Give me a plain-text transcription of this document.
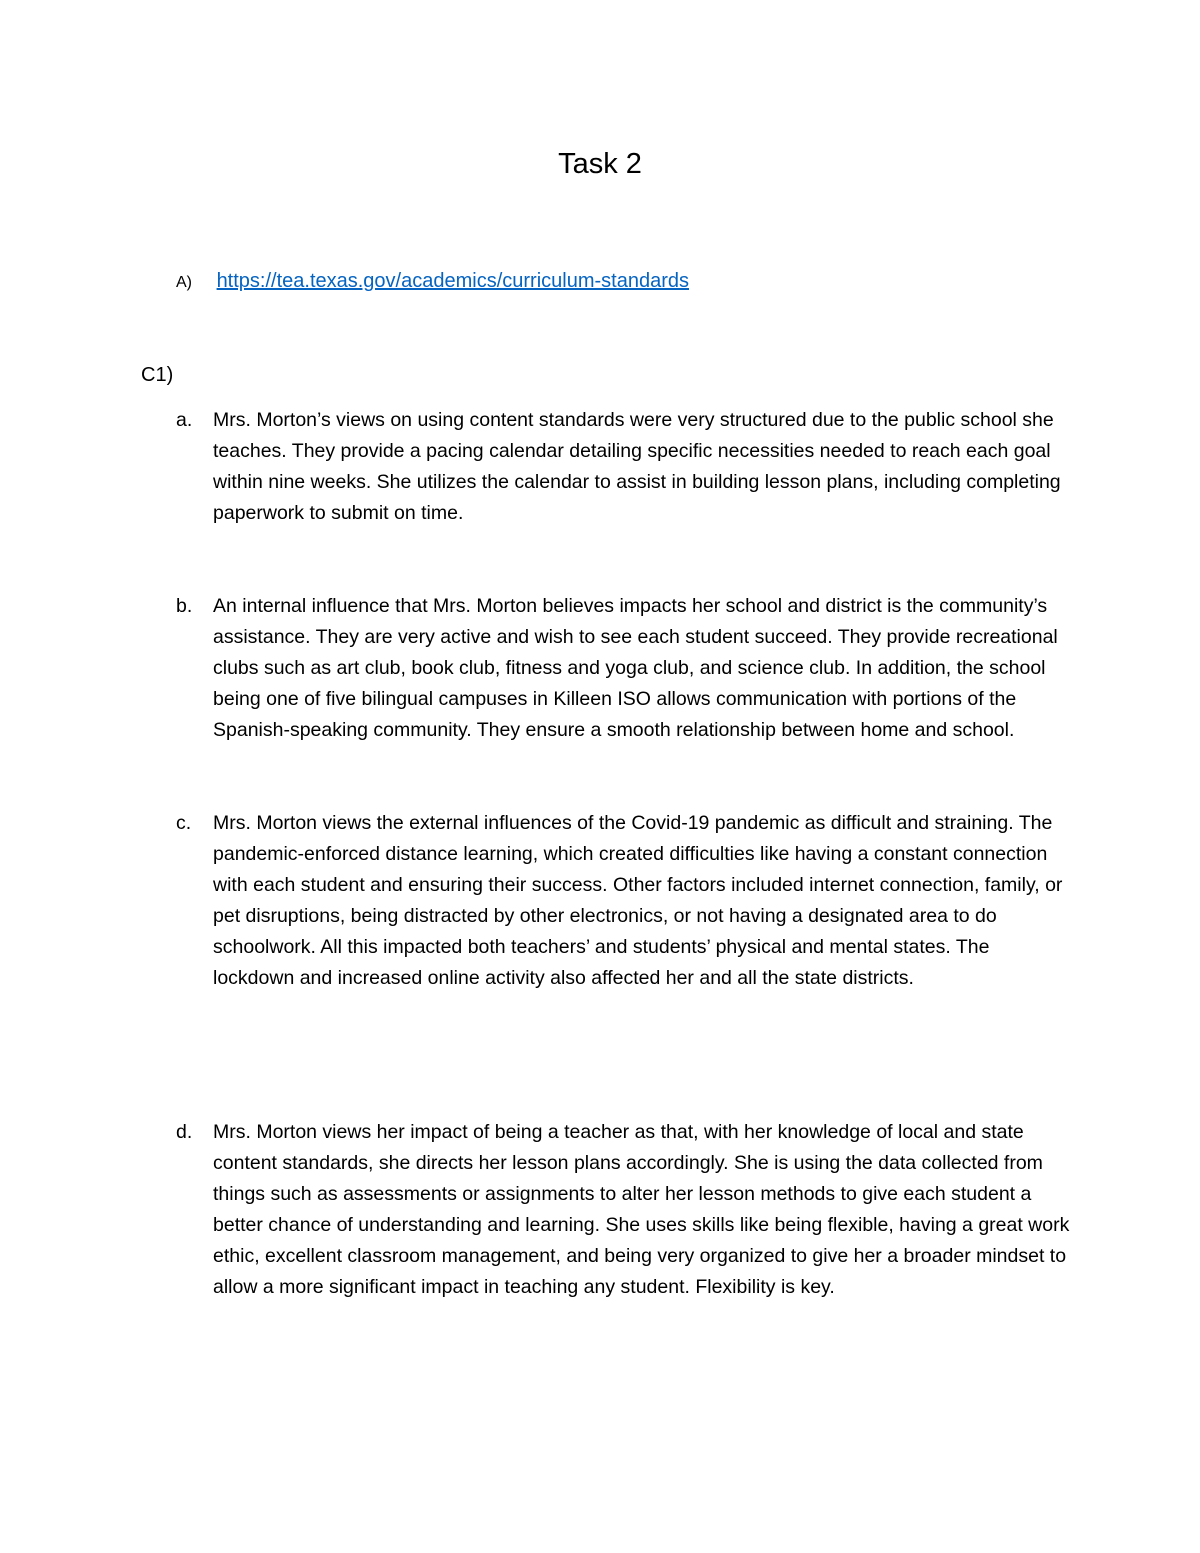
Task 2
A) https://tea.texas.gov/academics/curriculum-standards
C1)
a.	Mrs. Morton’s views on using content standards were very structured due to the public school she teaches. They provide a pacing calendar detailing specific necessities needed to reach each goal within nine weeks. She utilizes the calendar to assist in building lesson plans, including completing paperwork to submit on time.
b.	An internal influence that Mrs. Morton believes impacts her school and district is the community’s assistance. They are very active and wish to see each student succeed. They provide recreational clubs such as art club, book club, fitness and yoga club, and science club. In addition, the school being one of five bilingual campuses in Killeen ISO allows communication with portions of the Spanish-speaking community. They ensure a smooth relationship between home and school.
c.	Mrs. Morton views the external influences of the Covid-19 pandemic as difficult and straining. The pandemic-enforced distance learning, which created difficulties like having a constant connection with each student and ensuring their success. Other factors included internet connection, family, or pet disruptions, being distracted by other electronics, or not having a designated area to do schoolwork. All this impacted both teachers’ and students’ physical and mental states. The lockdown and increased online activity also affected her and all the state districts.
d.	Mrs. Morton views her impact of being a teacher as that, with her knowledge of local and state content standards, she directs her lesson plans accordingly. She is using the data collected from things such as assessments or assignments to alter her lesson methods to give each student a better chance of understanding and learning. She uses skills like being flexible, having a great work ethic, excellent classroom management, and being very organized to give her a broader mindset to allow a more significant impact in teaching any student. Flexibility is key.
